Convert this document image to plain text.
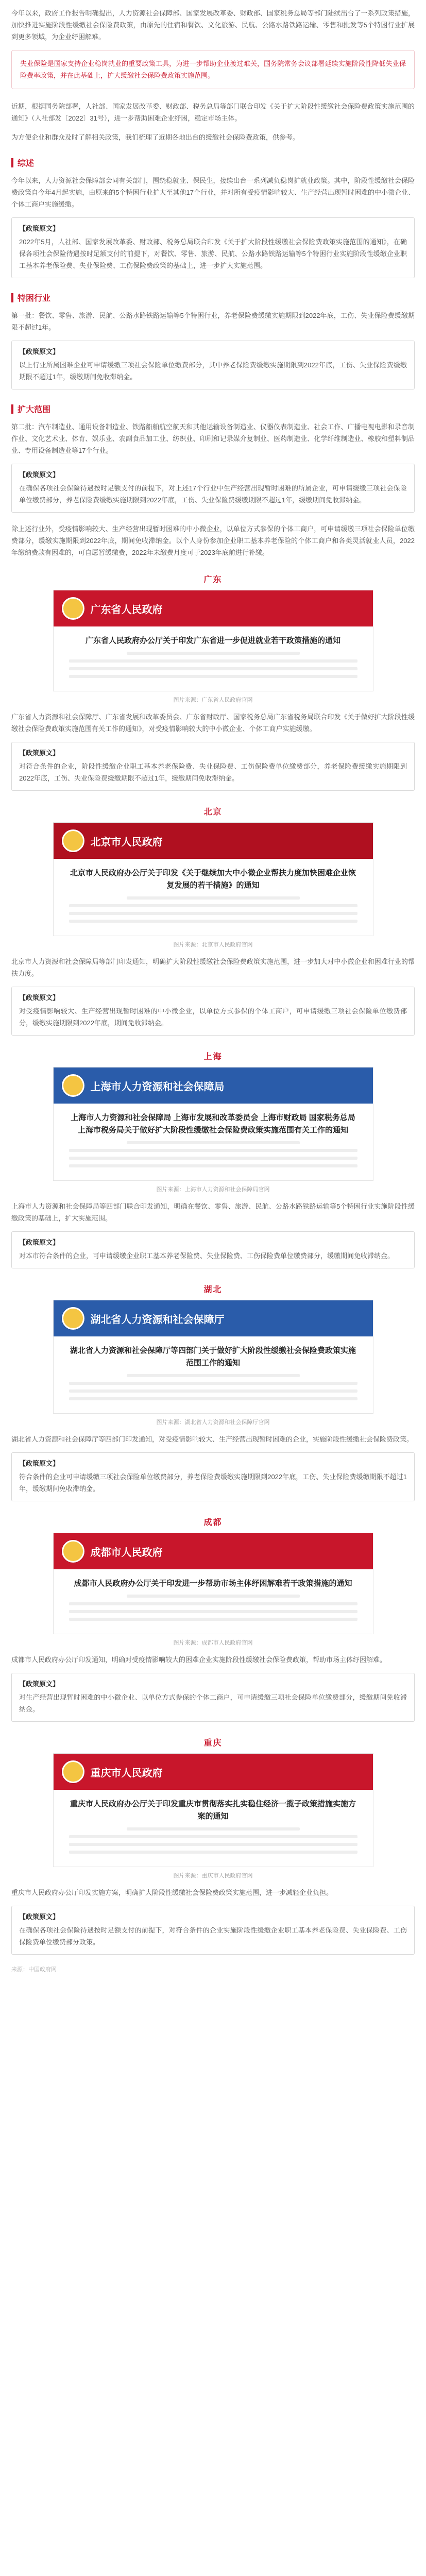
今年以来，政府工作报告明确提出，人力资源社会保障部、国家发展改革委、财政部、国家税务总局等部门陆续出台了一系列政策措施，加快推进实施阶段性缓缴社会保险费政策，由原先的住宿和餐饮、文化旅游、民航、公路水路铁路运输、零售和批发等5个特困行业扩展到更多领域，为企业纾困解难。

失业保险是国家支持企业稳岗就业的重要政策工具，为进一步帮助企业渡过难关，国务院常务会议部署延续实施阶段性降低失业保险费率政策，并在此基础上，扩大缓缴社会保险费政策实施范围。

近期，根据国务院部署，人社部、国家发展改革委、财政部、税务总局等部门联合印发《关于扩大阶段性缓缴社会保险费政策实施范围的通知》（人社部发〔2022〕31号），进一步帮助困难企业纾困，稳定市场主体。

为方便企业和群众及时了解相关政策，我们梳理了近期各地出台的缓缴社会保险费政策，供参考。

综述

今年以来，人力资源社会保障部会同有关部门，围绕稳就业、保民生，接续出台一系列减负稳岗扩就业政策。其中，阶段性缓缴社会保险费政策自今年4月起实施，由原来的5个特困行业扩大至其他17个行业，并对所有受疫情影响较大、生产经营出现暂时困难的中小微企业、个体工商户实施缓缴。

【政策原文】

2022年5月，人社部、国家发展改革委、财政部、税务总局联合印发《关于扩大阶段性缓缴社会保险费政策实施范围的通知》，在确保各项社会保险待遇按时足额支付的前提下，对餐饮、零售、旅游、民航、公路水路铁路运输等5个特困行业实施阶段性缓缴企业职工基本养老保险费、失业保险费、工伤保险费政策的基础上，进一步扩大实施范围。

特困行业

第一批：餐饮、零售、旅游、民航、公路水路铁路运输等5个特困行业，养老保险费缓缴实施期限到2022年底，工伤、失业保险费缓缴期限不超过1年。

【政策原文】

以上行业所属困难企业可申请缓缴三项社会保险单位缴费部分，其中养老保险费缓缴实施期限到2022年底，工伤、失业保险费缓缴期限不超过1年，缓缴期间免收滞纳金。

扩大范围

第二批：汽车制造业、通用设备制造业、铁路船舶航空航天和其他运输设备制造业、仪器仪表制造业、社会工作、广播电视电影和录音制作业、文化艺术业、体育、娱乐业、农副食品加工业、纺织业、印刷和记录媒介复制业、医药制造业、化学纤维制造业、橡胶和塑料制品业、专用设备制造业等17个行业。

【政策原文】

在确保各项社会保险待遇按时足额支付的前提下，对上述17个行业中生产经营出现暂时困难的所属企业，可申请缓缴三项社会保险单位缴费部分，养老保险费缓缴实施期限到2022年底，工伤、失业保险费缓缴期限不超过1年，缓缴期间免收滞纳金。

除上述行业外，受疫情影响较大、生产经营出现暂时困难的中小微企业，以单位方式参保的个体工商户，可申请缓缴三项社会保险单位缴费部分，缓缴实施期限到2022年底，期间免收滞纳金。以个人身份参加企业职工基本养老保险的个体工商户和各类灵活就业人员，2022年缴纳费款有困难的，可自愿暂缓缴费，2022年未缴费月度可于2023年底前进行补缴。

广东
广东省人民政府

广东省人民政府办公厅关于印发广东省进一步促进就业若干政策措施的通知

图片来源：广东省人民政府官网

广东省人力资源和社会保障厅、广东省发展和改革委员会、广东省财政厅、国家税务总局广东省税务局联合印发《关于做好扩大阶段性缓缴社会保险费政策实施范围有关工作的通知》，对受疫情影响较大的中小微企业、个体工商户实施缓缴。

【政策原文】

对符合条件的企业，阶段性缓缴企业职工基本养老保险费、失业保险费、工伤保险费单位缴费部分，养老保险费缓缴实施期限到2022年底，工伤、失业保险费缓缴期限不超过1年，缓缴期间免收滞纳金。

北京
北京市人民政府

北京市人民政府办公厅关于印发《关于继续加大中小微企业帮扶力度加快困难企业恢复发展的若干措施》的通知

图片来源：北京市人民政府官网

北京市人力资源和社会保障局等部门印发通知，明确扩大阶段性缓缴社会保险费政策实施范围，进一步加大对中小微企业和困难行业的帮扶力度。

【政策原文】

对受疫情影响较大、生产经营出现暂时困难的中小微企业，以单位方式参保的个体工商户，可申请缓缴三项社会保险单位缴费部分，缓缴实施期限到2022年底，期间免收滞纳金。

上海
上海市人力资源和社会保障局

上海市人力资源和社会保障局 上海市发展和改革委员会 上海市财政局 国家税务总局上海市税务局关于做好扩大阶段性缓缴社会保险费政策实施范围有关工作的通知

图片来源：上海市人力资源和社会保障局官网

上海市人力资源和社会保障局等四部门联合印发通知，明确在餐饮、零售、旅游、民航、公路水路铁路运输等5个特困行业实施阶段性缓缴政策的基础上，扩大实施范围。

【政策原文】

对本市符合条件的企业，可申请缓缴企业职工基本养老保险费、失业保险费、工伤保险费单位缴费部分，缓缴期间免收滞纳金。

湖北
湖北省人力资源和社会保障厅

湖北省人力资源和社会保障厅等四部门关于做好扩大阶段性缓缴社会保险费政策实施范围工作的通知

图片来源：湖北省人力资源和社会保障厅官网

湖北省人力资源和社会保障厅等四部门印发通知，对受疫情影响较大、生产经营出现暂时困难的企业，实施阶段性缓缴社会保险费政策。

【政策原文】

符合条件的企业可申请缓缴三项社会保险单位缴费部分，养老保险费缓缴实施期限到2022年底，工伤、失业保险费缓缴期限不超过1年，缓缴期间免收滞纳金。

成都
成都市人民政府

成都市人民政府办公厅关于印发进一步帮助市场主体纾困解难若干政策措施的通知

图片来源：成都市人民政府官网

成都市人民政府办公厅印发通知，明确对受疫情影响较大的困难企业实施阶段性缓缴社会保险费政策，帮助市场主体纾困解难。

【政策原文】

对生产经营出现暂时困难的中小微企业、以单位方式参保的个体工商户，可申请缓缴三项社会保险单位缴费部分，缓缴期间免收滞纳金。

重庆
重庆市人民政府

重庆市人民政府办公厅关于印发重庆市贯彻落实扎实稳住经济一揽子政策措施实施方案的通知

图片来源：重庆市人民政府官网

重庆市人民政府办公厅印发实施方案，明确扩大阶段性缓缴社会保险费政策实施范围，进一步减轻企业负担。

【政策原文】

在确保各项社会保险待遇按时足额支付的前提下，对符合条件的企业实施阶段性缓缴企业职工基本养老保险费、失业保险费、工伤保险费单位缴费部分政策。

来源：中国政府网
